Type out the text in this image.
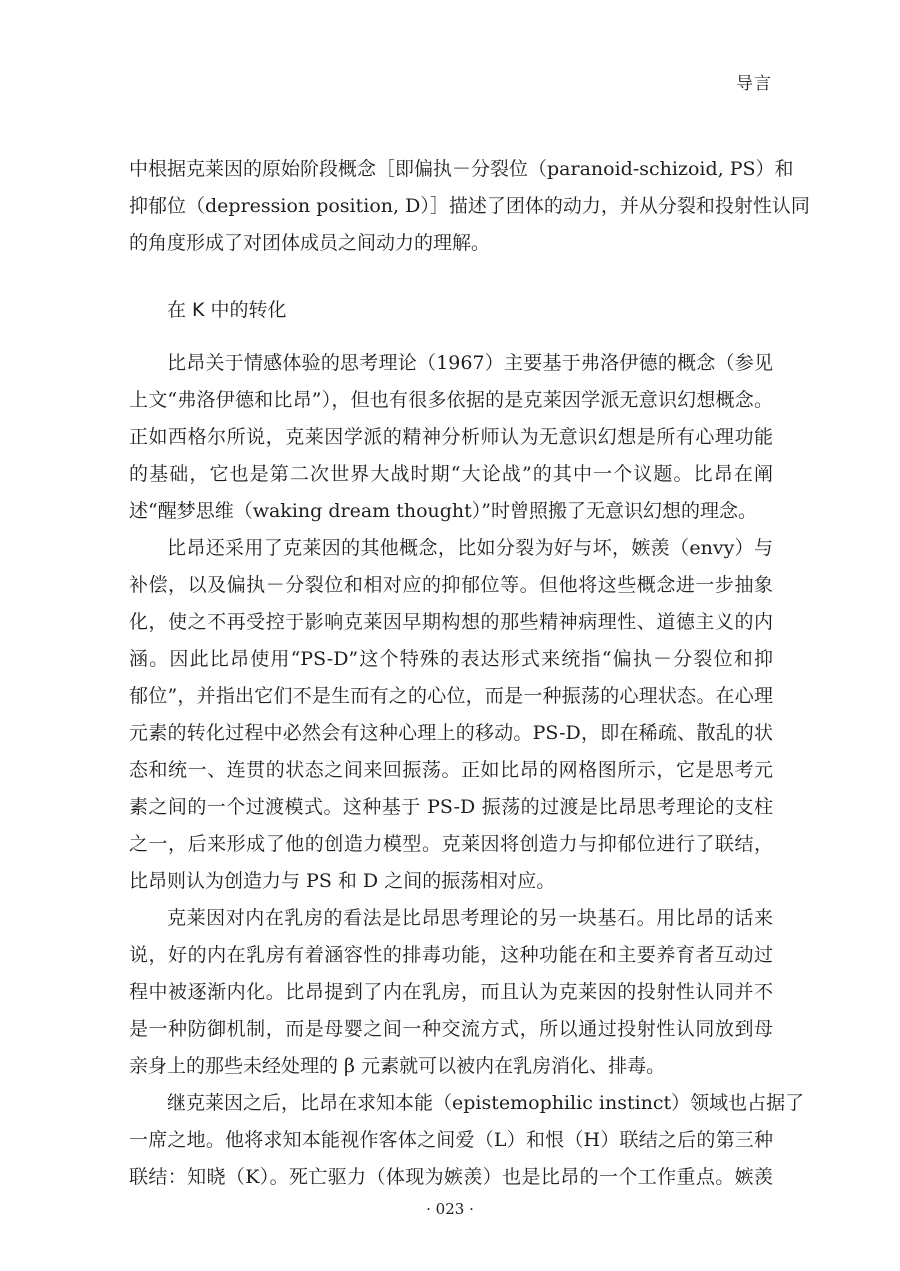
导言
中根据克莱因的原始阶段概念［即偏执－分裂位（paranoid-schizoid, PS）和
抑郁位（depression position, D）］描述了团体的动力，并从分裂和投射性认同
的角度形成了对团体成员之间动力的理解。
在 K 中的转化
比昂关于情感体验的思考理论（1967）主要基于弗洛伊德的概念（参见
上文“弗洛伊德和比昂”），但也有很多依据的是克莱因学派无意识幻想概念。
正如西格尔所说，克莱因学派的精神分析师认为无意识幻想是所有心理功能
的基础，它也是第二次世界大战时期“大论战”的其中一个议题。比昂在阐
述“醒梦思维（waking dream thought）”时曾照搬了无意识幻想的理念。
比昂还采用了克莱因的其他概念，比如分裂为好与坏，嫉羡（envy）与
补偿，以及偏执－分裂位和相对应的抑郁位等。但他将这些概念进一步抽象
化，使之不再受控于影响克莱因早期构想的那些精神病理性、道德主义的内
涵。因此比昂使用“PS-D”这个特殊的表达形式来统指“偏执－分裂位和抑
郁位”，并指出它们不是生而有之的心位，而是一种振荡的心理状态。在心理
元素的转化过程中必然会有这种心理上的移动。PS-D，即在稀疏、散乱的状
态和统一、连贯的状态之间来回振荡。正如比昂的网格图所示，它是思考元
素之间的一个过渡模式。这种基于 PS-D 振荡的过渡是比昂思考理论的支柱
之一，后来形成了他的创造力模型。克莱因将创造力与抑郁位进行了联结，
比昂则认为创造力与 PS 和 D 之间的振荡相对应。
克莱因对内在乳房的看法是比昂思考理论的另一块基石。用比昂的话来
说，好的内在乳房有着涵容性的排毒功能，这种功能在和主要养育者互动过
程中被逐渐内化。比昂提到了内在乳房，而且认为克莱因的投射性认同并不
是一种防御机制，而是母婴之间一种交流方式，所以通过投射性认同放到母
亲身上的那些未经处理的 β 元素就可以被内在乳房消化、排毒。
继克莱因之后，比昂在求知本能（epistemophilic instinct）领域也占据了
一席之地。他将求知本能视作客体之间爱（L）和恨（H）联结之后的第三种
联结：知晓（K）。死亡驱力（体现为嫉羡）也是比昂的一个工作重点。嫉羡
· 023 ·
